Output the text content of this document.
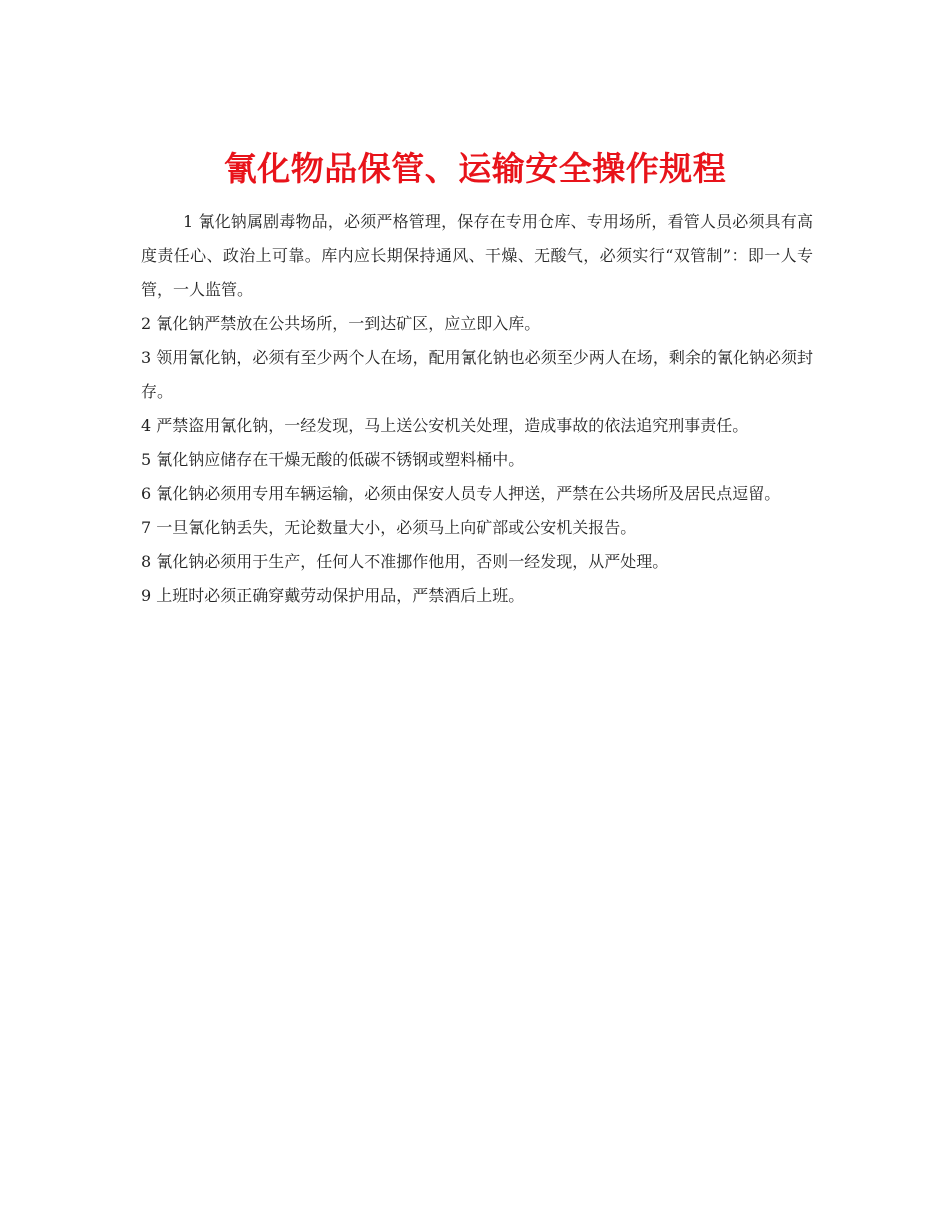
氰化物品保管、运输安全操作规程

1 氰化钠属剧毒物品，必须严格管理，保存在专用仓库、专用场所，看管人员必须具有高度责任心、政治上可靠。库内应长期保持通风、干燥、无酸气，必须实行“双管制”：即一人专管，一人监管。

2 氰化钠严禁放在公共场所，一到达矿区，应立即入库。

3 领用氰化钠，必须有至少两个人在场，配用氰化钠也必须至少两人在场，剩余的氰化钠必须封存。

4 严禁盗用氰化钠，一经发现，马上送公安机关处理，造成事故的依法追究刑事责任。

5 氰化钠应储存在干燥无酸的低碳不锈钢或塑料桶中。

6 氰化钠必须用专用车辆运输，必须由保安人员专人押送，严禁在公共场所及居民点逗留。

7 一旦氰化钠丢失，无论数量大小，必须马上向矿部或公安机关报告。

8 氰化钠必须用于生产，任何人不准挪作他用，否则一经发现，从严处理。

9 上班时必须正确穿戴劳动保护用品，严禁酒后上班。
